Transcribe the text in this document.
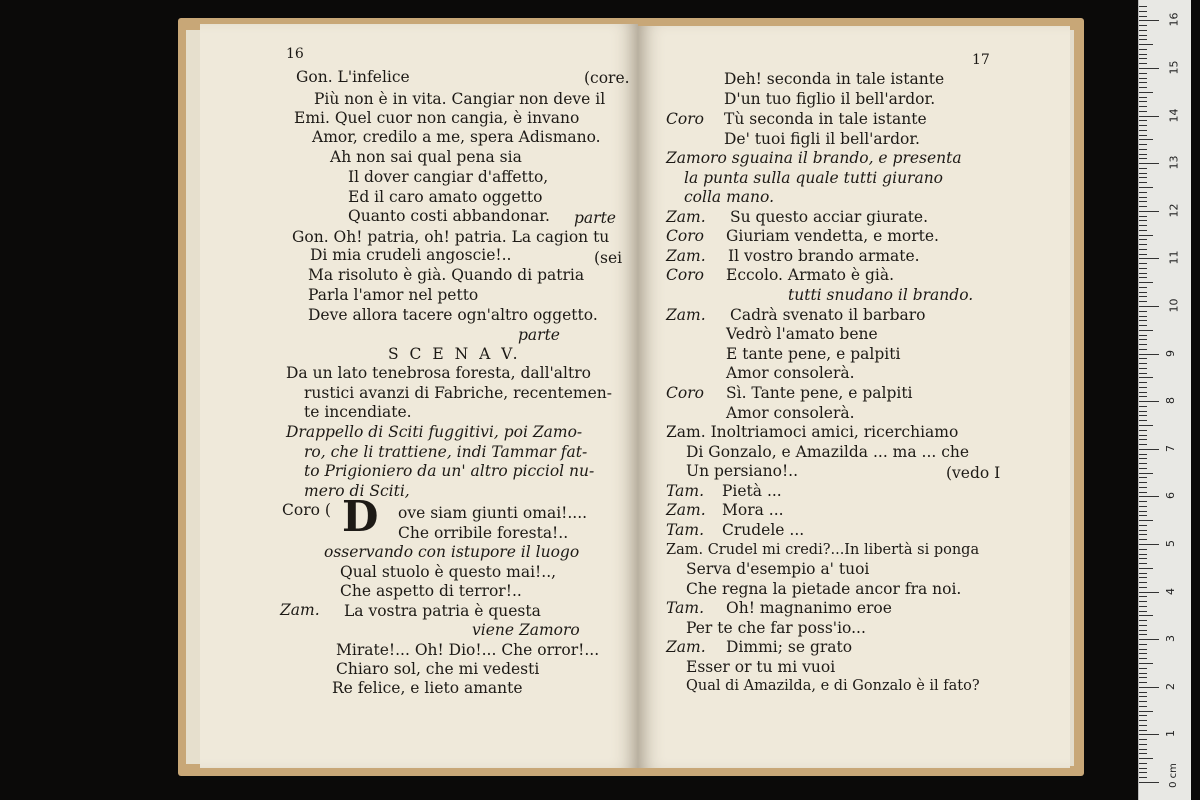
16
Gon. L'infelice	(core.
Più non è in vita. Cangiar non deve il
Emi. Quel cuor non cangia, è invano
Amor, credilo a me, spera Adismano.
Ah non sai qual pena sia
Il dover cangiar d'affetto,
Ed il caro amato oggetto
Quanto costi abbandonar. parte
Gon. Oh! patria, oh! patria. La cagion tu
Di mia crudeli angoscie!..	(sei
Ma risoluto è già. Quando di patria
Parla l'amor nel petto
Deve allora tacere ogn'altro oggetto.
parte
S C E N A V.
Da un lato tenebrosa foresta, dall'altro
rustici avanzi di Fabriche, recentemen-
te incendiate.
Drappello di Sciti fuggitivi, poi Zamo-
ro, che li trattiene, indi Tammar fat-
to Prigioniero da un' altro picciol nu-
mero di Sciti,
Coro ( D ove siam giunti omai!....
Che orribile foresta!..
osservando con istupore il luogo
Qual stuolo è questo mai!..,
Che aspetto di terror!..
Zam. La vostra patria è questa
viene Zamoro
Mirate!... Oh! Dio!... Che orror!...
Chiaro sol, che mi vedesti
Re felice, e lieto amante
17
Deh! seconda in tale istante
D'un tuo figlio il bell'ardor.
Coro Tù seconda in tale istante
De' tuoi figli il bell'ardor.
Zamoro sguaina il brando, e presenta
la punta sulla quale tutti giurano
colla mano.
Zam. Su questo acciar giurate.
Coro Giuriam vendetta, e morte.
Zam. Il vostro brando armate.
Coro Eccolo. Armato è già.
tutti snudano il brando.
Zam. Cadrà svenato il barbaro
Vedrò l'amato bene
E tante pene, e palpiti
Amor consolerà.
Coro Sì. Tante pene, e palpiti
Amor consolerà.
Zam. Inoltriamoci amici, ricerchiamo
Di Gonzalo, e Amazilda ... ma ... che
Un persiano!..	(vedo I
Tam. Pietà ...
Zam. Mora ...
Tam. Crudele ...
Zam. Crudel mi credi?...In libertà si ponga
Serva d'esempio a' tuoi
Che regna la pietade ancor fra noi.
Tam. Oh! magnanimo eroe
Per te che far poss'io...
Zam. Dimmi; se grato
Esser or tu mi vuoi
Qual di Amazilda, e di Gonzalo è il fato?
0 cm
1
2
3
4
5
6
7
8
9
10
11
12
13
14
15
16
